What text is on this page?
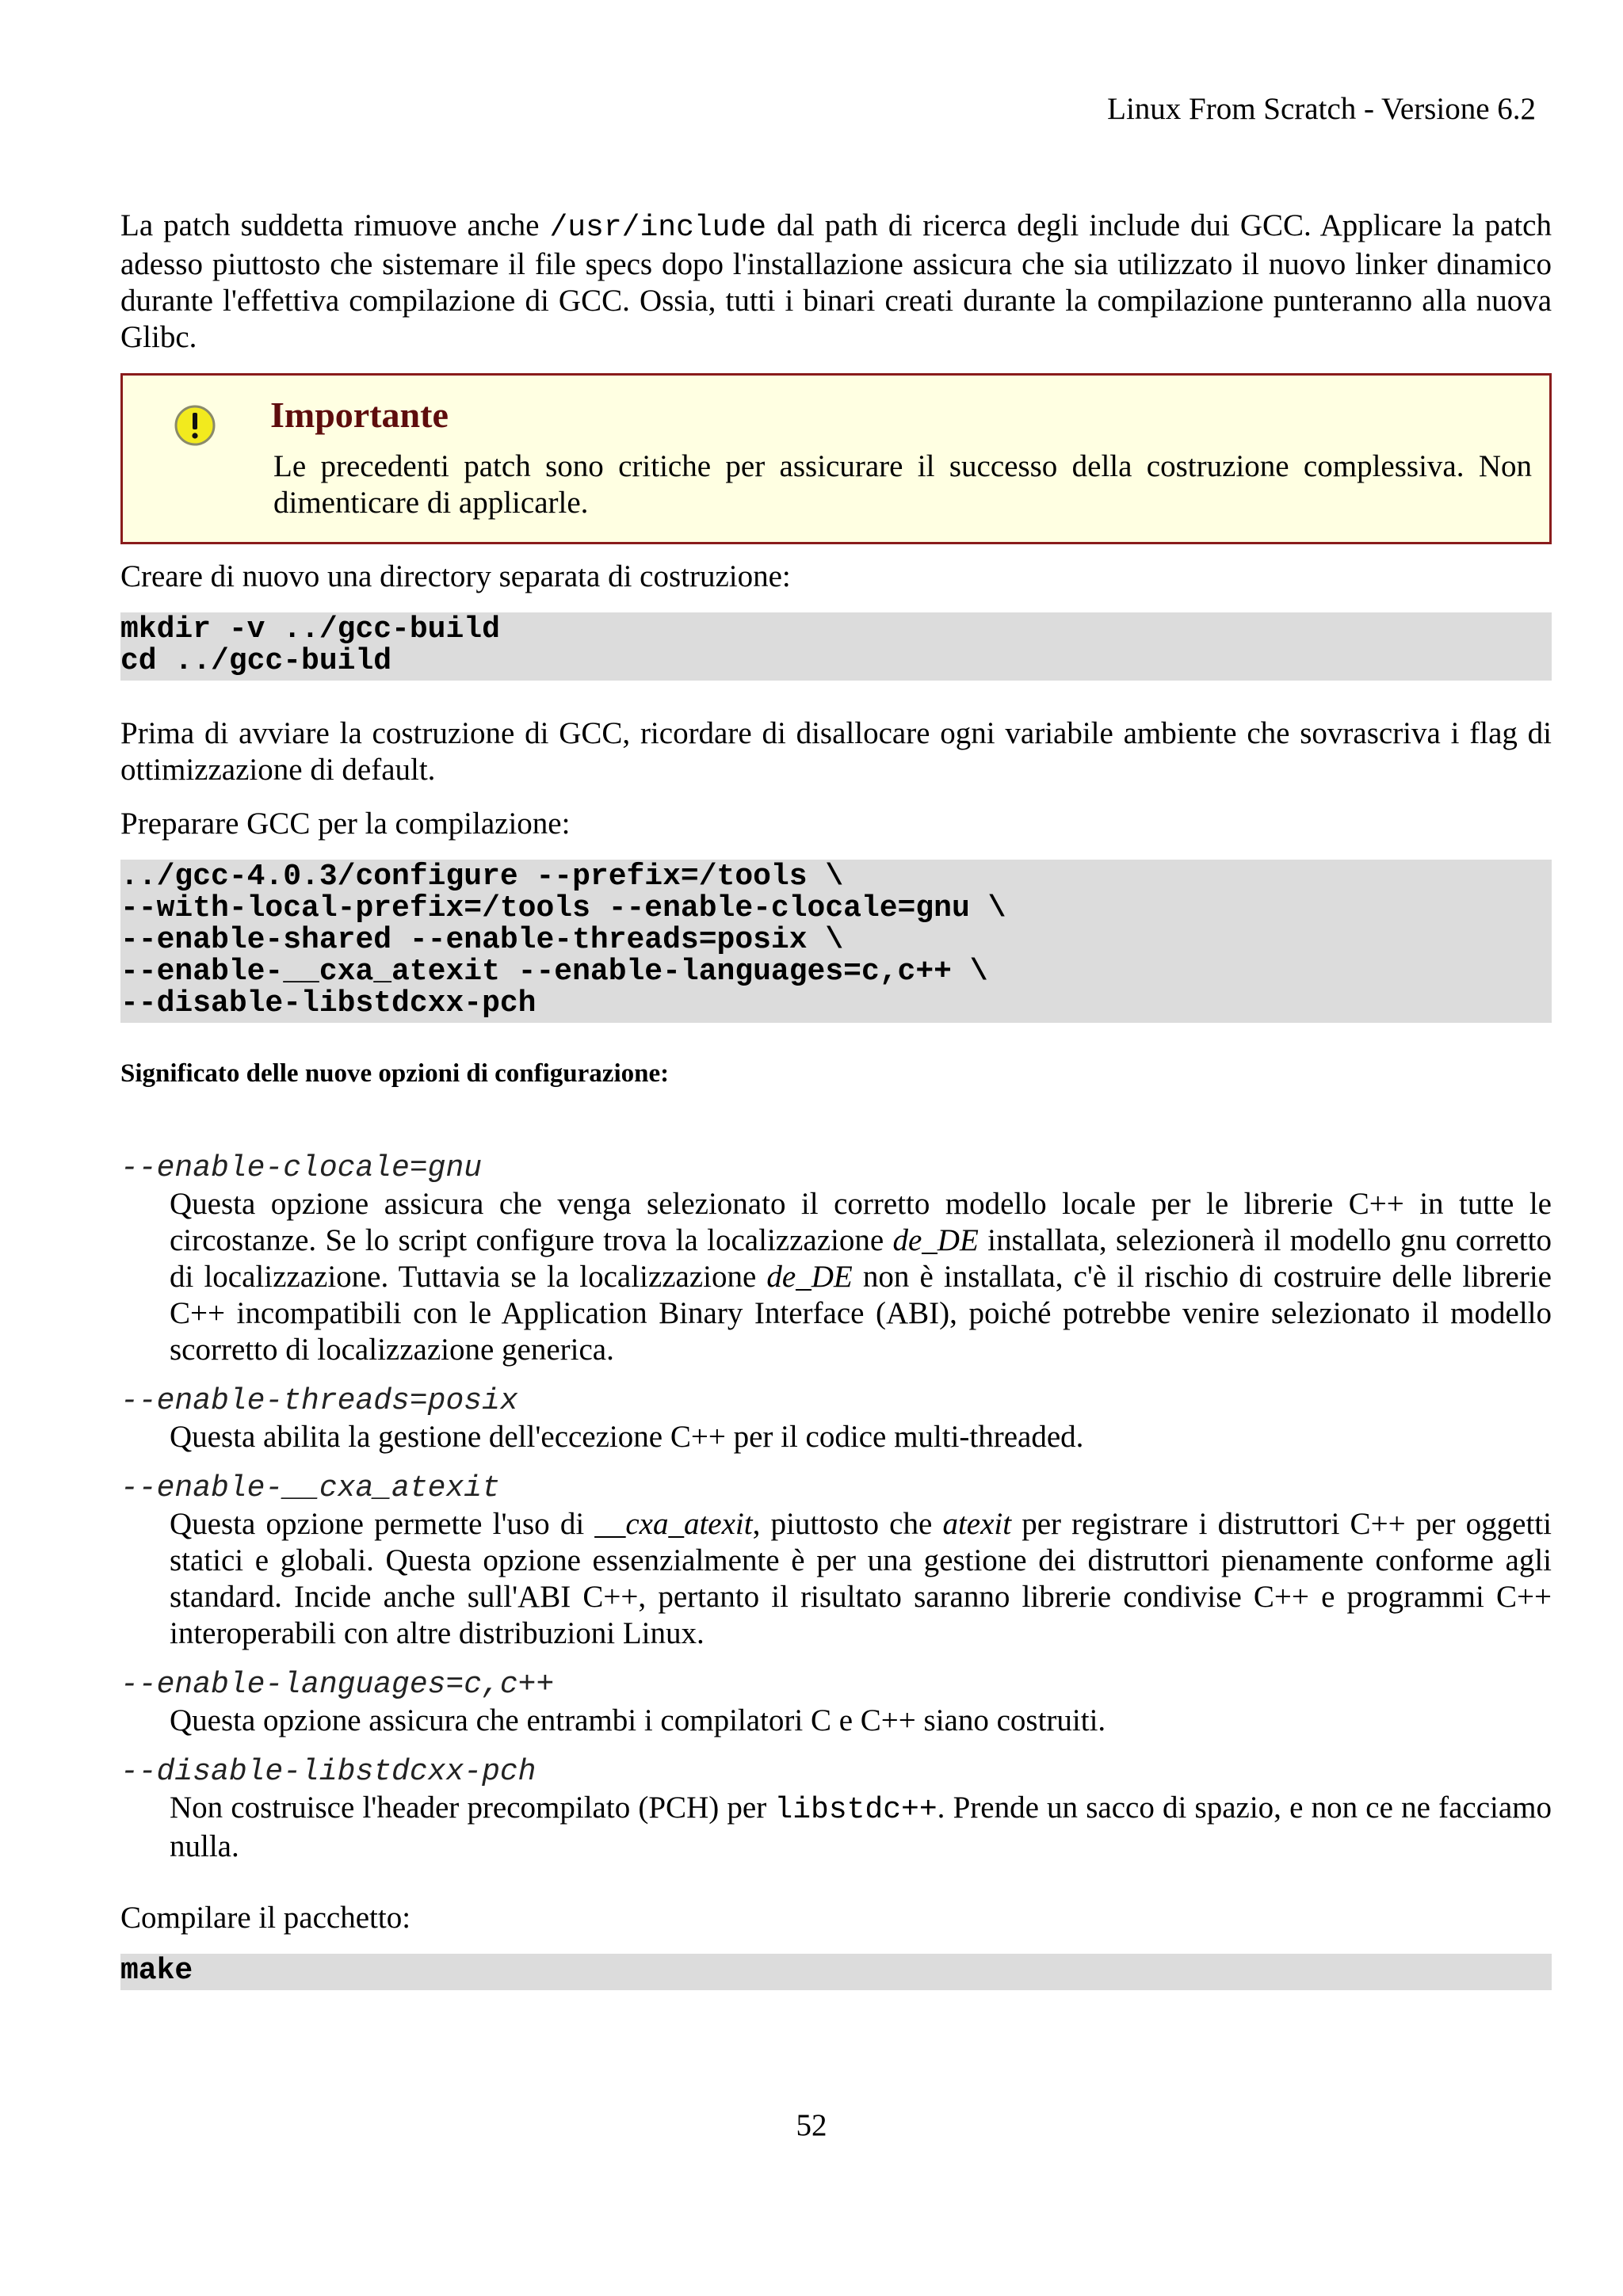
Linux From Scratch - Versione 6.2

La patch suddetta rimuove anche /usr/include dal path di ricerca degli include dui GCC. Applicare la patch adesso piuttosto che sistemare il file specs dopo l'installazione assicura che sia utilizzato il nuovo linker dinamico durante l'effettiva compilazione di GCC. Ossia, tutti i binari creati durante la compilazione punteranno alla nuova Glibc.

Importante

Le precedenti patch sono critiche per assicurare il successo della costruzione complessiva. Non dimenticare di applicarle.

Creare di nuovo una directory separata di costruzione:

mkdir -v ../gcc-build
cd ../gcc-build

Prima di avviare la costruzione di GCC, ricordare di disallocare ogni variabile ambiente che sovrascriva i flag di ottimizzazione di default.

Preparare GCC per la compilazione:

../gcc-4.0.3/configure --prefix=/tools \
--with-local-prefix=/tools --enable-clocale=gnu \
--enable-shared --enable-threads=posix \
--enable-__cxa_atexit --enable-languages=c,c++ \
--disable-libstdcxx-pch
Significato delle nuove opzioni di configurazione:
--enable-clocale=gnu
Questa opzione assicura che venga selezionato il corretto modello locale per le librerie C++ in tutte le circostanze. Se lo script configure trova la localizzazione de_DE installata, selezionerà il modello gnu corretto di localizzazione. Tuttavia se la localizzazione de_DE non è installata, c'è il rischio di costruire delle librerie C++ incompatibili con le Application Binary Interface (ABI), poiché potrebbe venire selezionato il modello scorretto di localizzazione generica.
--enable-threads=posix
Questa abilita la gestione dell'eccezione C++ per il codice multi-threaded.
--enable-__cxa_atexit
Questa opzione permette l'uso di __cxa_atexit, piuttosto che atexit per registrare i distruttori C++ per oggetti statici e globali. Questa opzione essenzialmente è per una gestione dei distruttori pienamente conforme agli standard. Incide anche sull'ABI C++, pertanto il risultato saranno librerie condivise C++ e programmi C++ interoperabili con altre distribuzioni Linux.
--enable-languages=c,c++
Questa opzione assicura che entrambi i compilatori C e C++ siano costruiti.
--disable-libstdcxx-pch
Non costruisce l'header precompilato (PCH) per libstdc++. Prende un sacco di spazio, e non ce ne facciamo nulla.

Compilare il pacchetto:

make
52
